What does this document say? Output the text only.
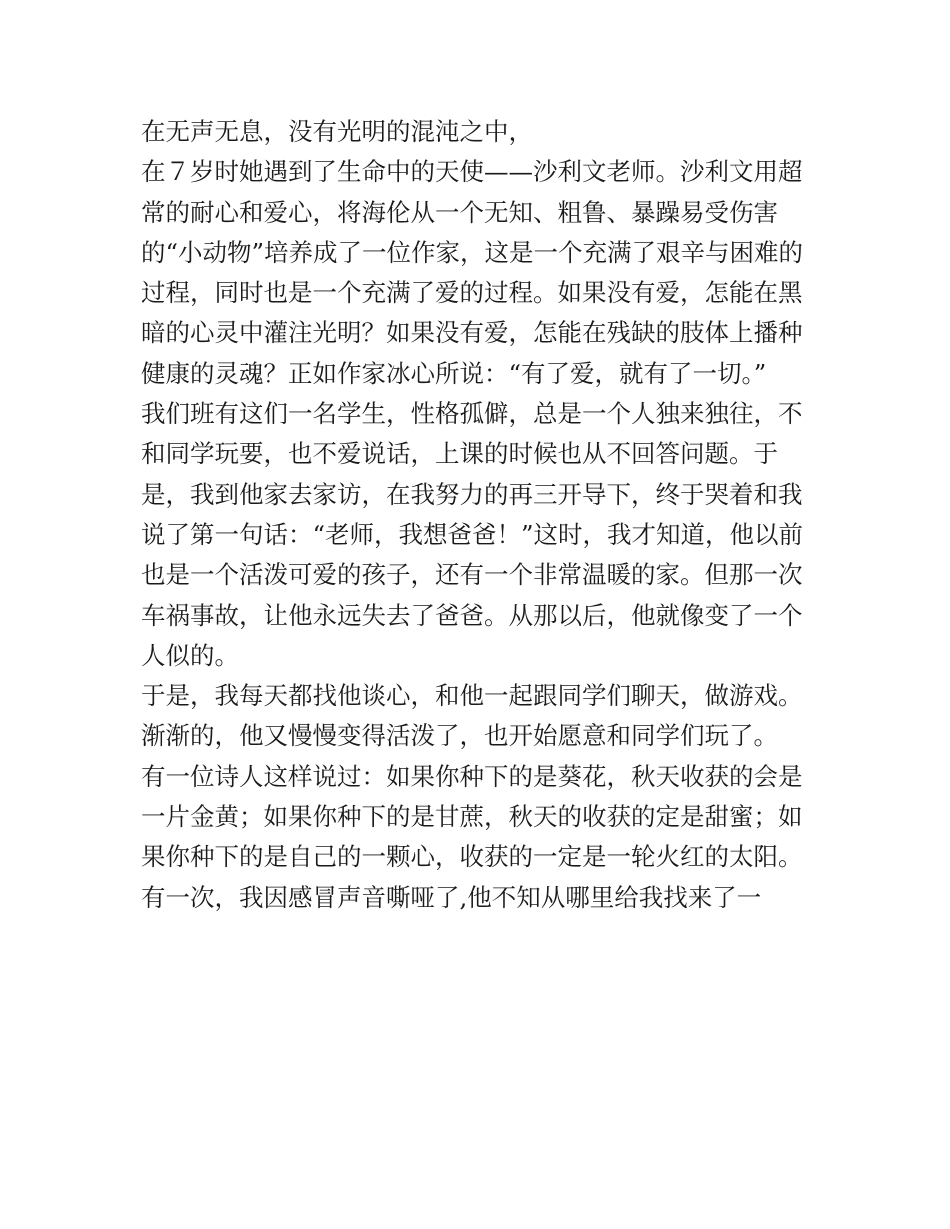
在无声无息，没有光明的混沌之中，
在７岁时她遇到了生命中的天使——沙利文老师。沙利文用超
常的耐心和爱心，将海伦从一个无知、粗鲁、暴躁易受伤害
的“小动物”培养成了一位作家，这是一个充满了艰辛与困难的
过程，同时也是一个充满了爱的过程。如果没有爱，怎能在黑
暗的心灵中灌注光明？如果没有爱，怎能在残缺的肢体上播种
健康的灵魂？正如作家冰心所说：“有了爱，就有了一切。”
我们班有这们一名学生，性格孤僻，总是一个人独来独往，不
和同学玩要，也不爱说话，上课的时候也从不回答问题。于
是，我到他家去家访，在我努力的再三开导下，终于哭着和我
说了第一句话：“老师，我想爸爸！”这时，我才知道，他以前
也是一个活泼可爱的孩子，还有一个非常温暖的家。但那一次
车祸事故，让他永远失去了爸爸。从那以后，他就像变了一个
人似的。
于是，我每天都找他谈心，和他一起跟同学们聊天，做游戏。
渐渐的，他又慢慢变得活泼了，也开始愿意和同学们玩了。
有一位诗人这样说过：如果你种下的是葵花，秋天收获的会是
一片金黄；如果你种下的是甘蔗，秋天的收获的定是甜蜜；如
果你种下的是自己的一颗心，收获的一定是一轮火红的太阳。
有一次，我因感冒声音嘶哑了,他不知从哪里给我找来了一
